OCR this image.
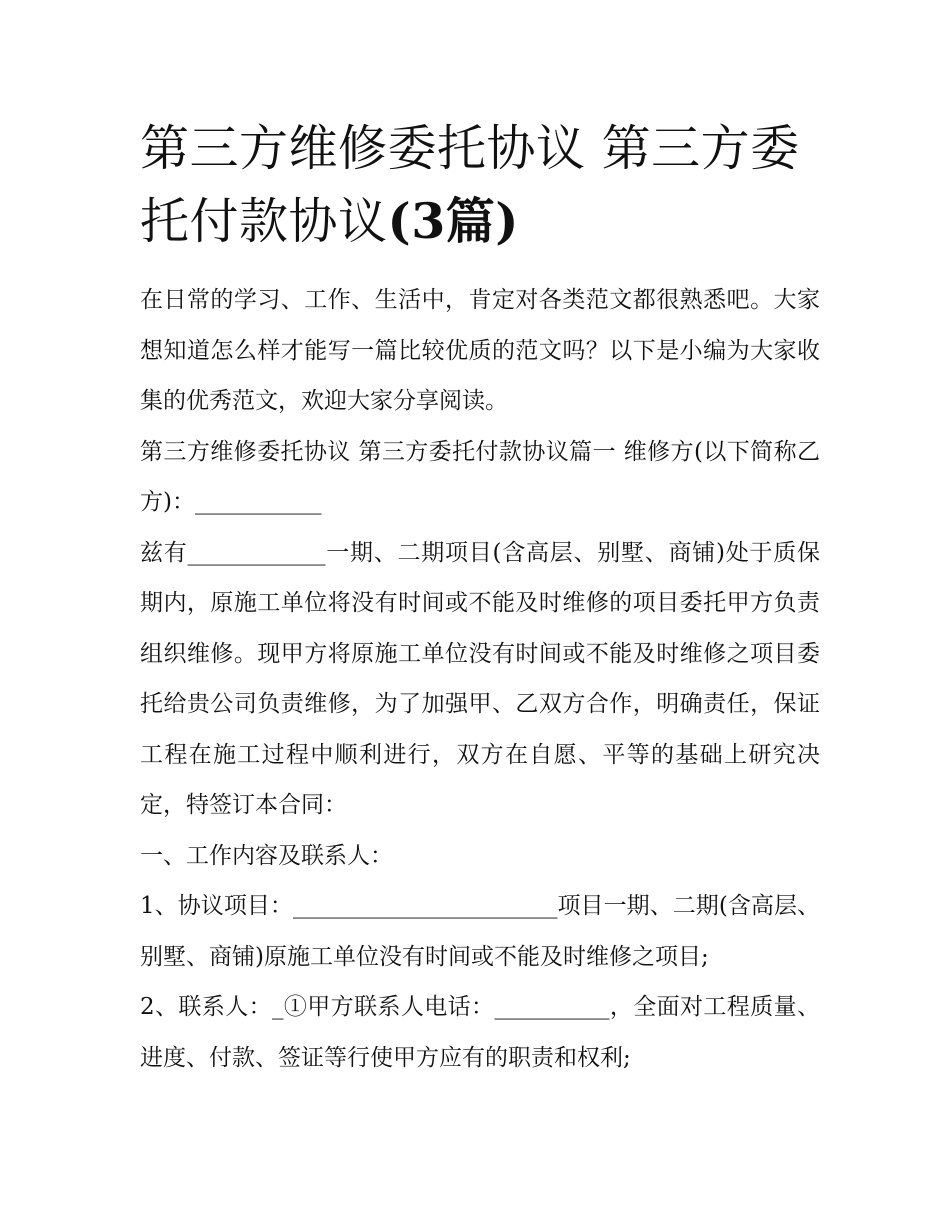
第三方维修委托协议 第三方委托付款协议(3篇)

在日常的学习、工作、生活中，肯定对各类范文都很熟悉吧。大家想知道怎么样才能写一篇比较优质的范文吗？以下是小编为大家收集的优秀范文，欢迎大家分享阅读。

第三方维修委托协议 第三方委托付款协议篇一 维修方(以下简称乙方)：___________

兹有____________一期、二期项目(含高层、别墅、商铺)处于质保期内，原施工单位将没有时间或不能及时维修的项目委托甲方负责组织维修。现甲方将原施工单位没有时间或不能及时维修之项目委托给贵公司负责维修，为了加强甲、乙双方合作，明确责任，保证工程在施工过程中顺利进行，双方在自愿、平等的基础上研究决定，特签订本合同：

一、工作内容及联系人：

1、协议项目：_______________________项目一期、二期(含高层、别墅、商铺)原施工单位没有时间或不能及时维修之项目;

2、联系人：_①甲方联系人电话：__________，全面对工程质量、进度、付款、签证等行使甲方应有的职责和权利;
